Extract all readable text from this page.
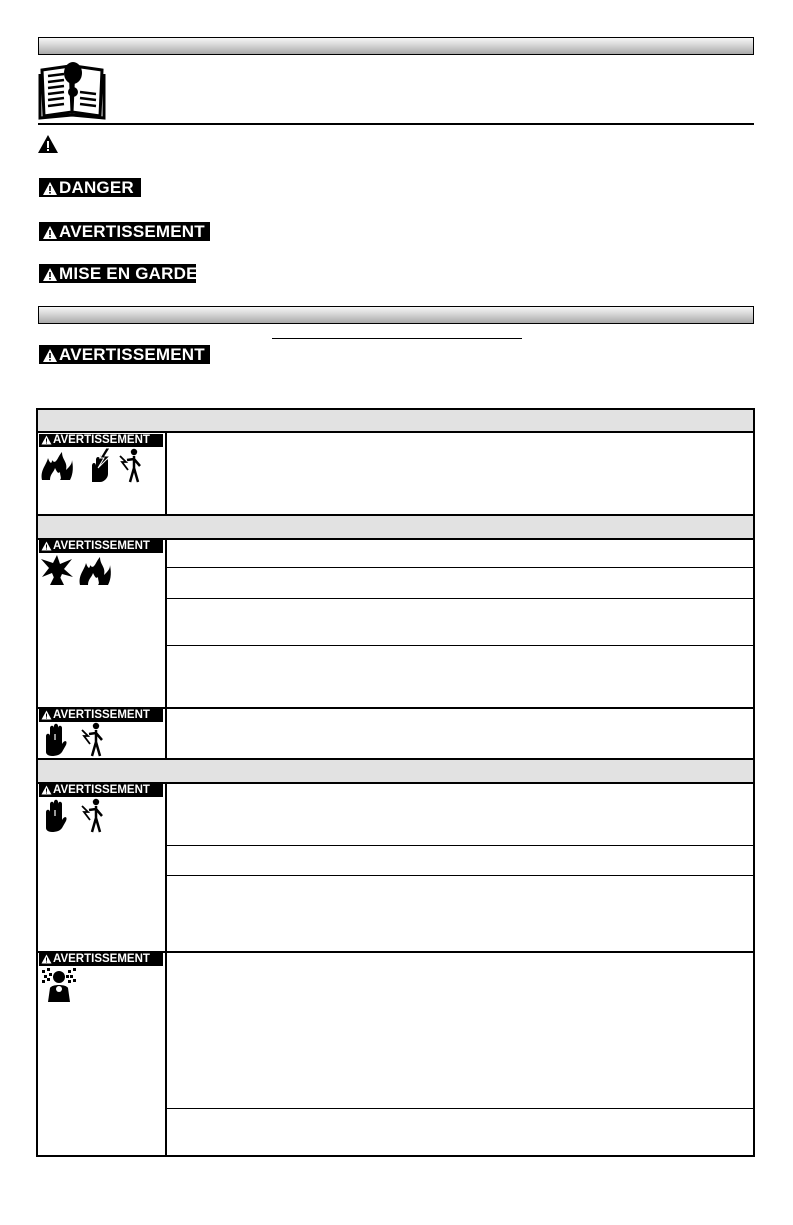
DANGER
AVERTISSEMENT
MISE EN GARDE
AVERTISSEMENT
AVERTISSEMENT
AVERTISSEMENT
AVERTISSEMENT
AVERTISSEMENT
AVERTISSEMENT
